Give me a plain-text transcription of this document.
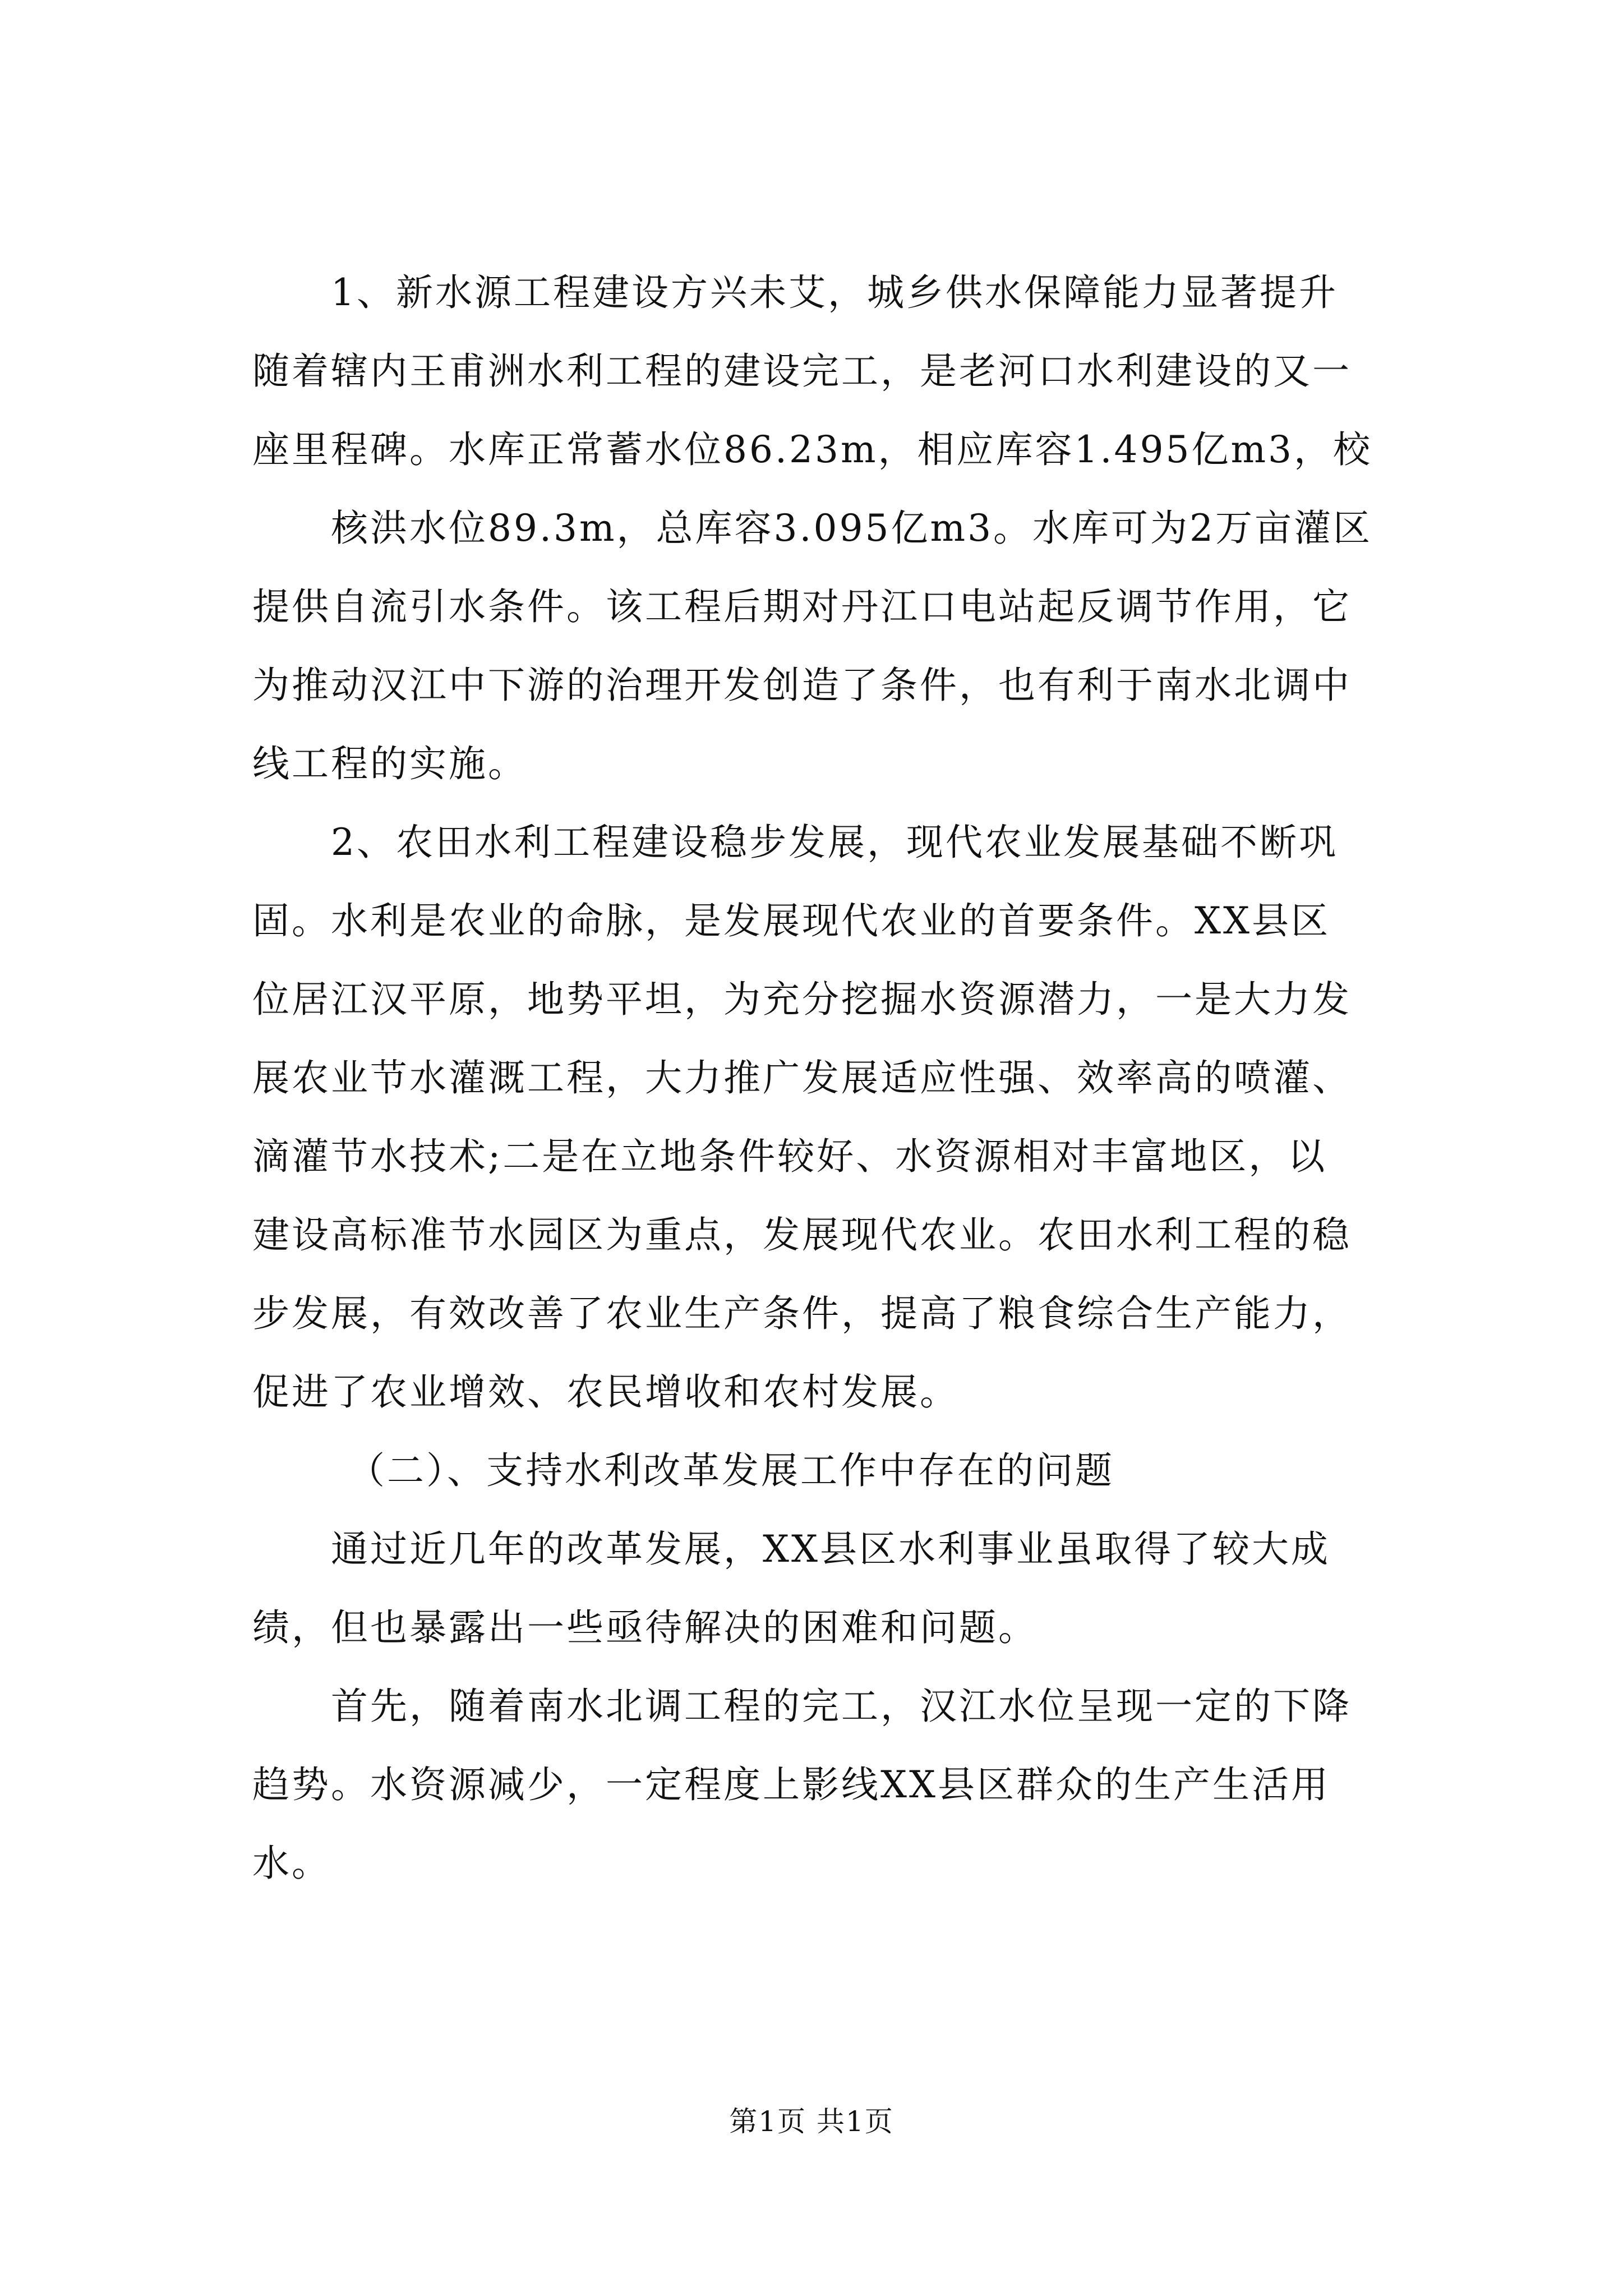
1、新水源工程建设方兴未艾，城乡供水保障能力显著提升
随着辖内王甫洲水利工程的建设完工，是老河口水利建设的又一
座里程碑。水库正常蓄水位86.23m，相应库容1.495亿m3，校
核洪水位89.3m，总库容3.095亿m3。水库可为2万亩灌区
提供自流引水条件。该工程后期对丹江口电站起反调节作用，它
为推动汉江中下游的治理开发创造了条件，也有利于南水北调中
线工程的实施。
2、农田水利工程建设稳步发展，现代农业发展基础不断巩
固。水利是农业的命脉，是发展现代农业的首要条件。XX县区
位居江汉平原，地势平坦，为充分挖掘水资源潜力，一是大力发
展农业节水灌溉工程，大力推广发展适应性强、效率高的喷灌、
滴灌节水技术;二是在立地条件较好、水资源相对丰富地区，以
建设高标准节水园区为重点，发展现代农业。农田水利工程的稳
步发展，有效改善了农业生产条件，提高了粮食综合生产能力，
促进了农业增效、农民增收和农村发展。
（二）、支持水利改革发展工作中存在的问题
通过近几年的改革发展，XX县区水利事业虽取得了较大成
绩，但也暴露出一些亟待解决的困难和问题。
首先，随着南水北调工程的完工，汉江水位呈现一定的下降
趋势。水资源减少，一定程度上影线XX县区群众的生产生活用
水。
第1页 共1页
